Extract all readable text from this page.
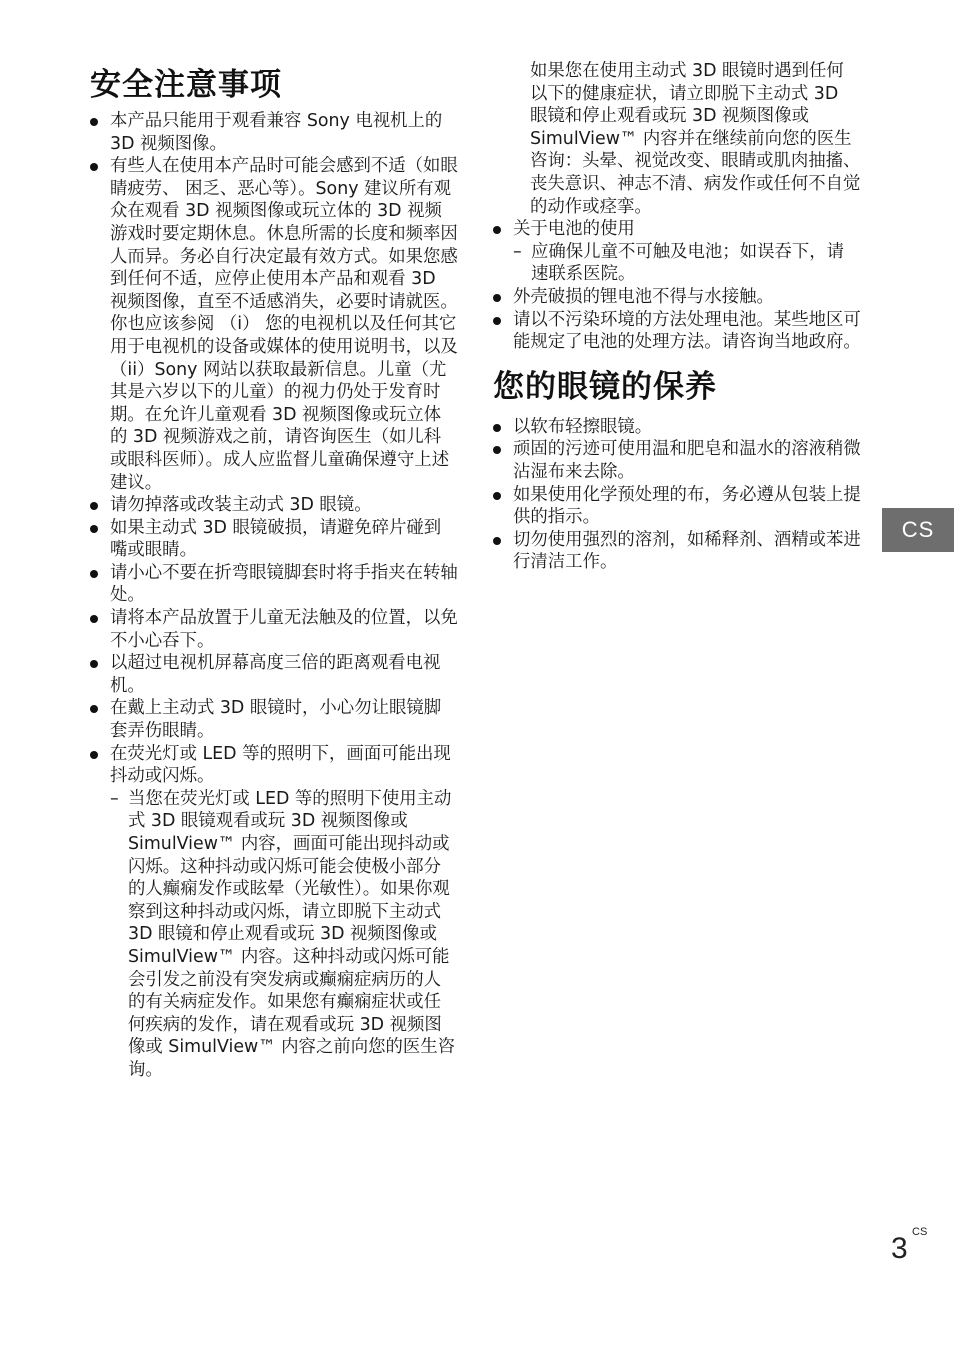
安全注意事项
本产品只能用于观看兼容 Sony 电视机上的 3D 视频图像。
有些人在使用本产品时可能会感到不适（如眼睛疲劳、 困乏、恶心等）。Sony 建议所有观众在观看 3D 视频图像或玩立体的 3D 视频游戏时要定期休息。休息所需的长度和频率因人而异。务必自行决定最有效方式。如果您感到任何不适，应停止使用本产品和观看 3D 视频图像，直至不适感消失，必要时请就医。你也应该参阅 （i） 您的电视机以及任何其它用于电视机的设备或媒体的使用说明书，以及（ii）Sony 网站以获取最新信息。儿童（尤其是六岁以下的儿童）的视力仍处于发育时期。在允许儿童观看 3D 视频图像或玩立体的 3D 视频游戏之前，请咨询医生（如儿科或眼科医师）。成人应监督儿童确保遵守上述建议。
请勿掉落或改装主动式 3D 眼镜。
如果主动式 3D 眼镜破损，请避免碎片碰到嘴或眼睛。
请小心不要在折弯眼镜脚套时将手指夹在转轴处。
请将本产品放置于儿童无法触及的位置，以免不小心吞下。
以超过电视机屏幕高度三倍的距离观看电视机。
在戴上主动式 3D 眼镜时，小心勿让眼镜脚套弄伤眼睛。
在荧光灯或 LED 等的照明下，画面可能出现抖动或闪烁。
– 当您在荧光灯或 LED 等的照明下使用主动式 3D 眼镜观看或玩 3D 视频图像或 SimulView™ 内容，画面可能出现抖动或闪烁。这种抖动或闪烁可能会使极小部分的人癫痫发作或眩晕（光敏性）。如果你观察到这种抖动或闪烁，请立即脱下主动式 3D 眼镜和停止观看或玩 3D 视频图像或 SimulView™ 内容。这种抖动或闪烁可能会引发之前没有突发病或癫痫症病历的人的有关病症发作。如果您有癫痫症状或任何疾病的发作，请在观看或玩 3D 视频图像或 SimulView™ 内容之前向您的医生咨询。
如果您在使用主动式 3D 眼镜时遇到任何以下的健康症状，请立即脱下主动式 3D 眼镜和停止观看或玩 3D 视频图像或 SimulView™ 内容并在继续前向您的医生咨询：头晕、视觉改变、眼睛或肌肉抽搐、丧失意识、神志不清、病发作或任何不自觉的动作或痉挛。
关于电池的使用
– 应确保儿童不可触及电池；如误吞下，请速联系医院。
外壳破损的锂电池不得与水接触。
请以不污染环境的方法处理电池。某些地区可能规定了电池的处理方法。请咨询当地政府。
您的眼镜的保养
以软布轻擦眼镜。
顽固的污迹可使用温和肥皂和温水的溶液稍微沾湿布来去除。
如果使用化学预处理的布，务必遵从包装上提供的指示。
切勿使用强烈的溶剂，如稀释剂、酒精或苯进行清洁工作。
CS
CS
3
